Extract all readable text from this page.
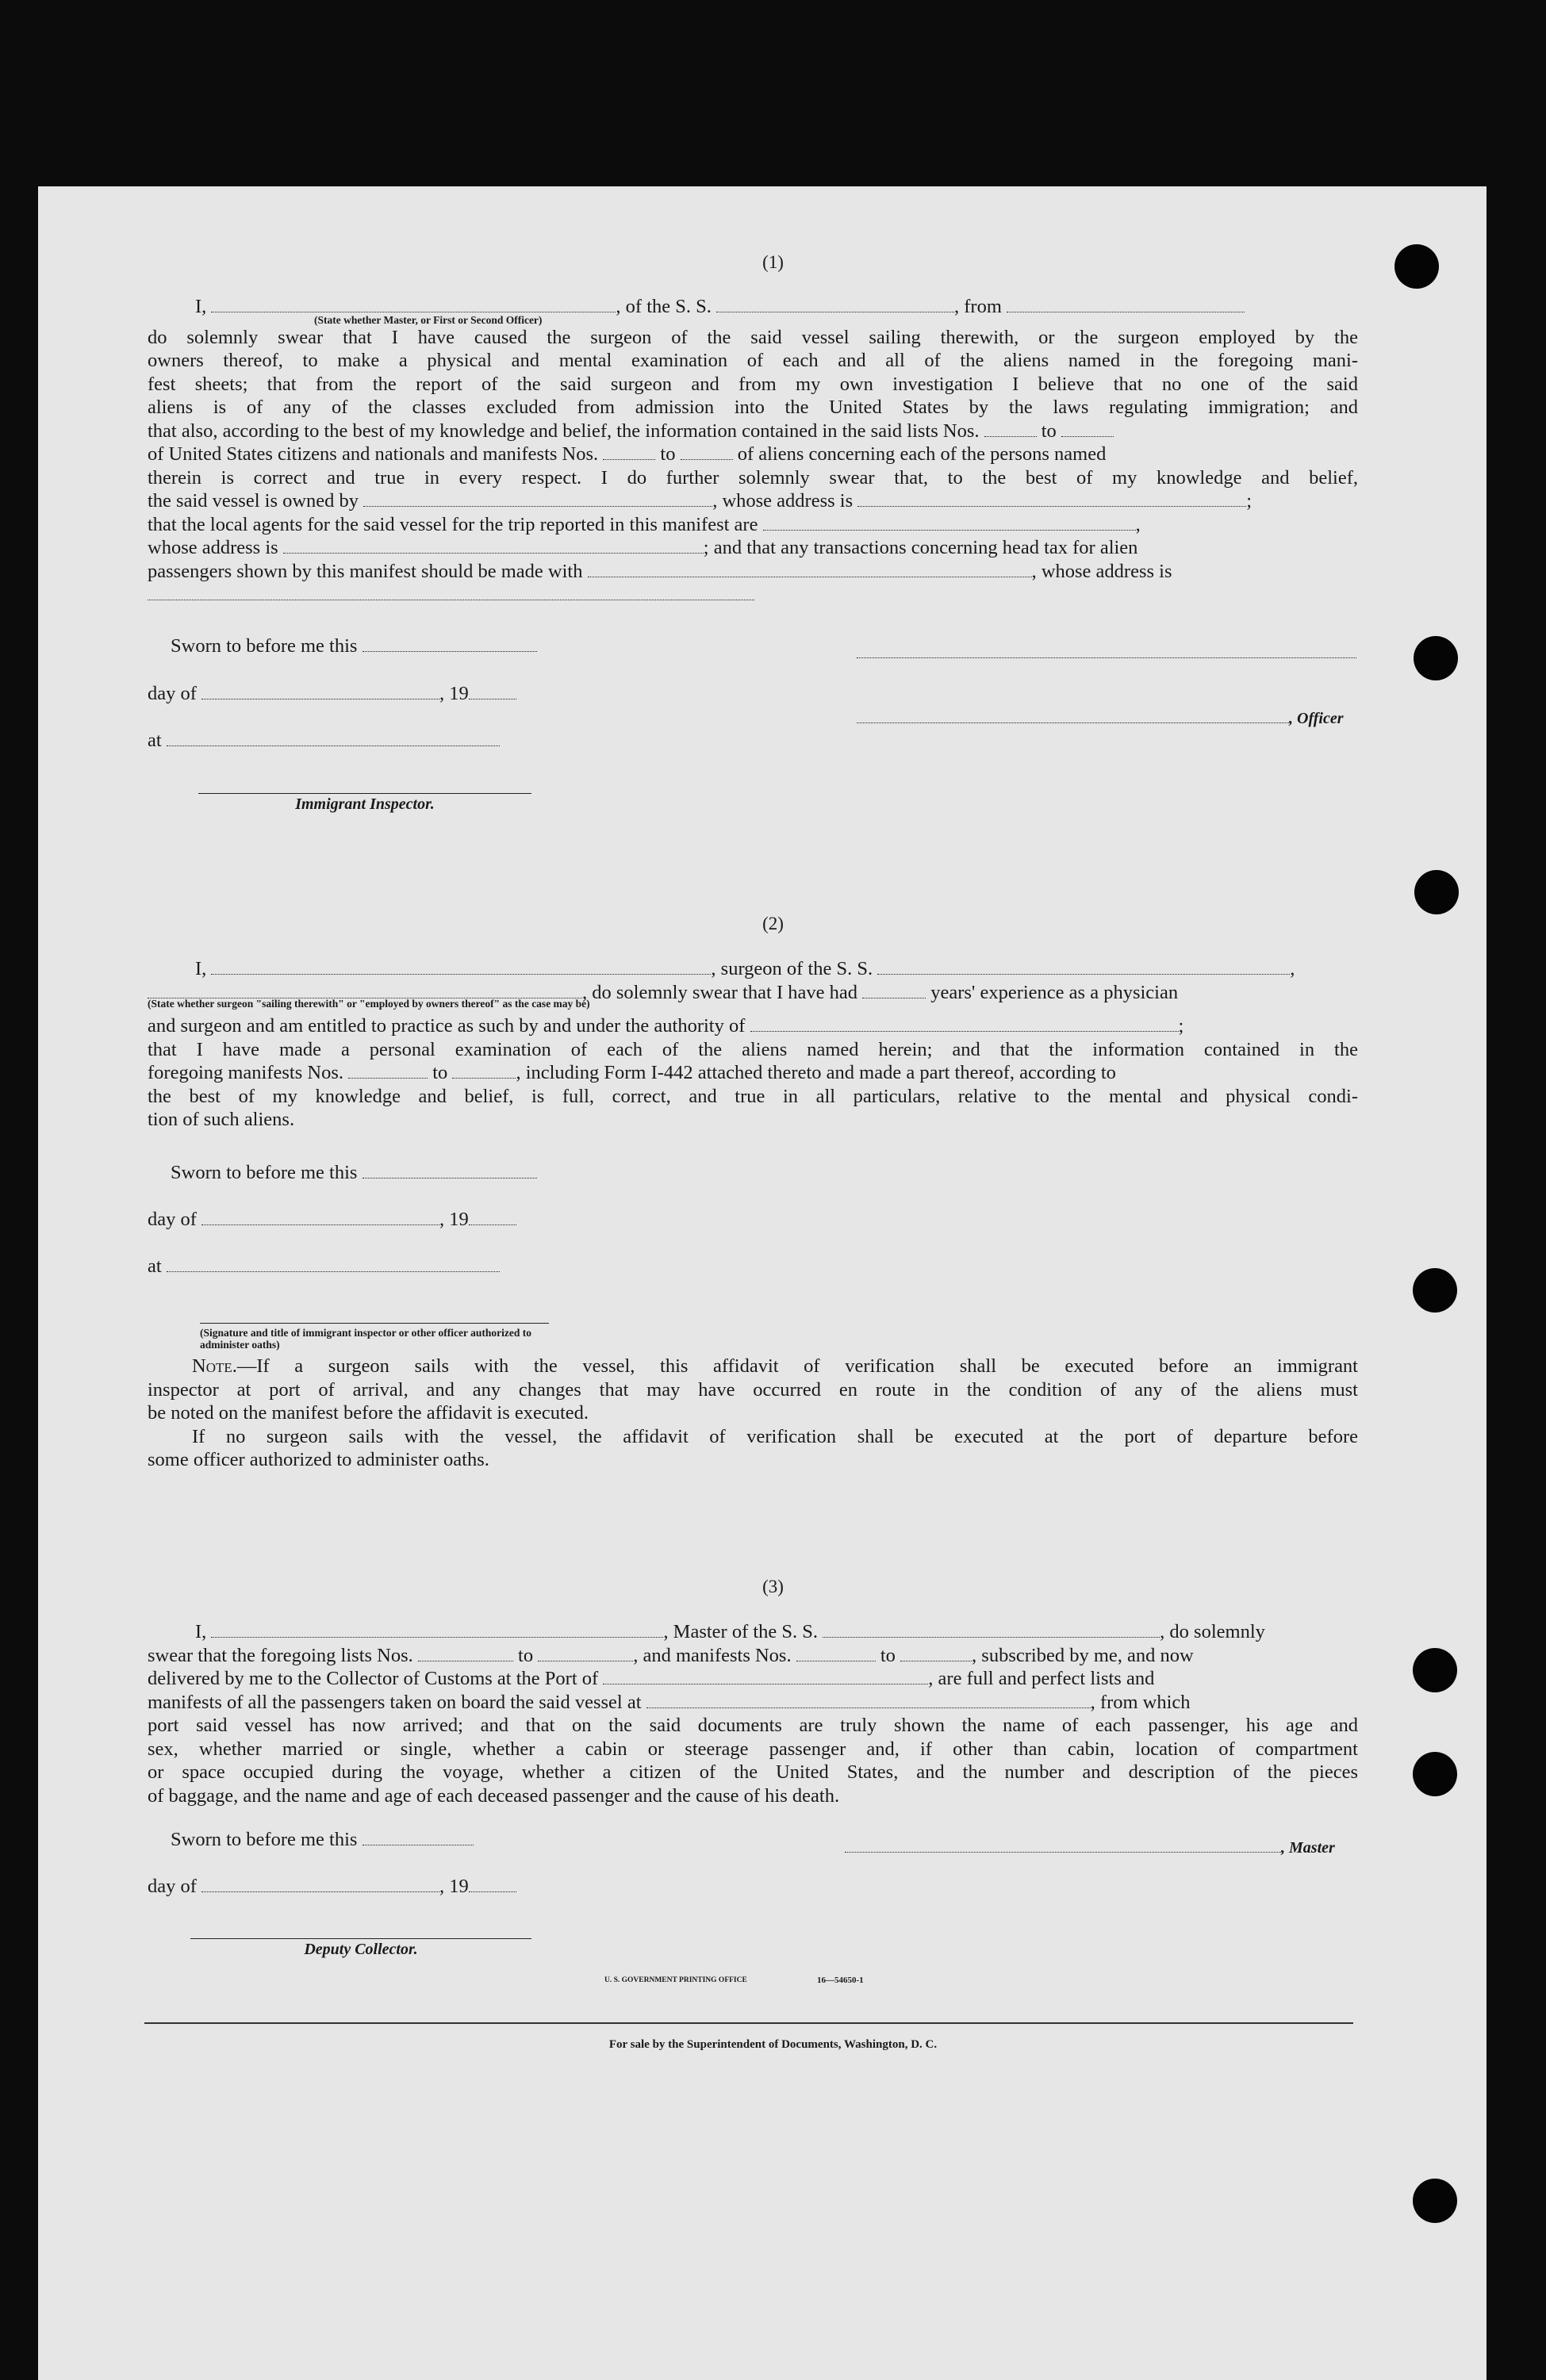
(1)
I,	, of the S. S.	, from
(State whether Master, or First or Second Officer)
do solemnly swear that I have caused the surgeon of the said vessel sailing therewith, or the surgeon employed by the
owners thereof, to make a physical and mental examination of each and all of the aliens named in the foregoing mani-
fest sheets; that from the report of the said surgeon and from my own investigation I believe that no one of the said
aliens is of any of the classes excluded from admission into the United States by the laws regulating immigration; and
that also, according to the best of my knowledge and belief, the information contained in the said lists Nos.	to
of United States citizens and nationals and manifests Nos.	to	of aliens concerning each of the persons named
therein is correct and true in every respect. I do further solemnly swear that, to the best of my knowledge and belief,
the said vessel is owned by	, whose address is	;
that the local agents for the said vessel for the trip reported in this manifest are	,
whose address is	; and that any transactions concerning head tax for alien
passengers shown by this manifest should be made with	, whose address is
Sworn to before me this
day of	, 19
at
, Officer
Immigrant Inspector.
(2)
I,	, surgeon of the S. S.	,
, do solemnly swear that I have had	years' experience as a physician
(State whether surgeon "sailing therewith" or "employed by owners thereof" as the case may be)
and surgeon and am entitled to practice as such by and under the authority of	;
that I have made a personal examination of each of the aliens named herein; and that the information contained in the
foregoing manifests Nos.	to	, including Form I-442 attached thereto and made a part thereof, according to
the best of my knowledge and belief, is full, correct, and true in all particulars, relative to the mental and physical condi-
tion of such aliens.
Sworn to before me this
day of	, 19
at
(Signature and title of immigrant inspector or other officer authorized to administer oaths)
Note.—If a surgeon sails with the vessel, this affidavit of verification shall be executed before an immigrant
inspector at port of arrival, and any changes that may have occurred en route in the condition of any of the aliens must
be noted on the manifest before the affidavit is executed.
If no surgeon sails with the vessel, the affidavit of verification shall be executed at the port of departure before
some officer authorized to administer oaths.
(3)
I,	, Master of the S. S.	, do solemnly
swear that the foregoing lists Nos.	to	, and manifests Nos.	to	, subscribed by me, and now
delivered by me to the Collector of Customs at the Port of	, are full and perfect lists and
manifests of all the passengers taken on board the said vessel at	, from which
port said vessel has now arrived; and that on the said documents are truly shown the name of each passenger, his age and
sex, whether married or single, whether a cabin or steerage passenger and, if other than cabin, location of compartment
or space occupied during the voyage, whether a citizen of the United States, and the number and description of the pieces
of baggage, and the name and age of each deceased passenger and the cause of his death.
Sworn to before me this
day of	, 19
, Master
Deputy Collector.
U. S. GOVERNMENT PRINTING OFFICE	16—54650-1
For sale by the Superintendent of Documents, Washington, D. C.
